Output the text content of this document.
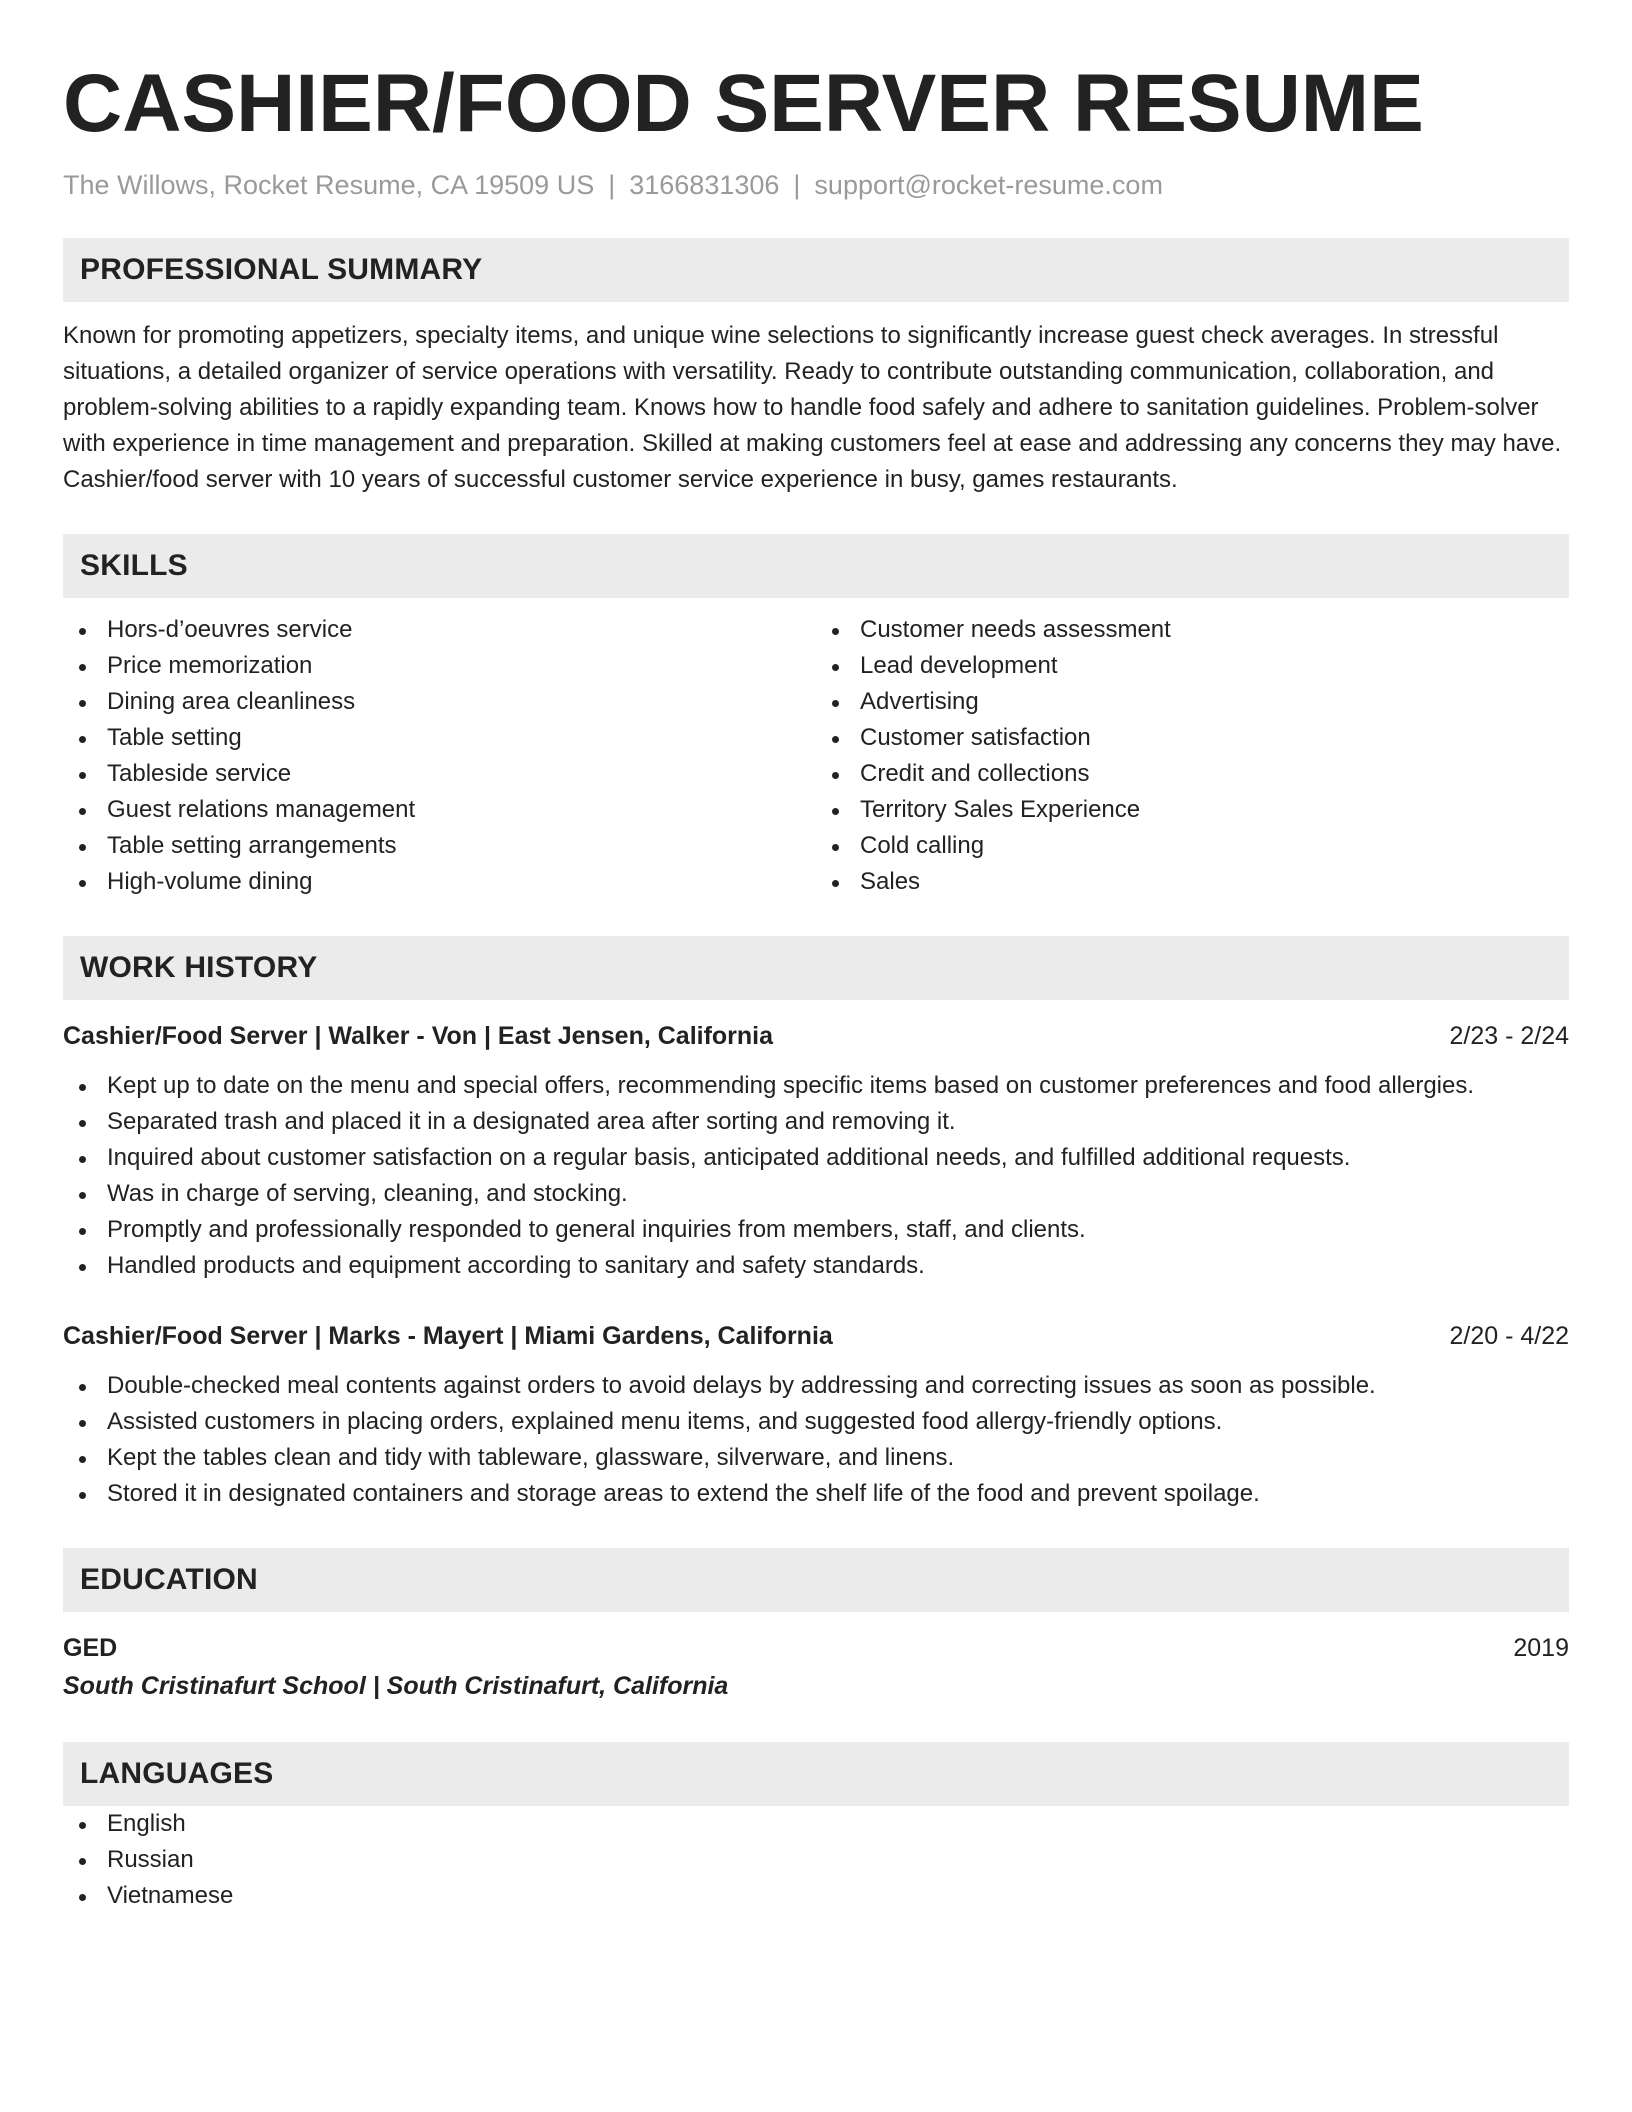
CASHIER/FOOD SERVER RESUME
The Willows, Rocket Resume, CA 19509 US | 3166831306 | support@rocket-resume.com
PROFESSIONAL SUMMARY

Known for promoting appetizers, specialty items, and unique wine selections to significantly increase guest check averages. In stressful situations, a detailed organizer of service operations with versatility. Ready to contribute outstanding communication, collaboration, and problem-solving abilities to a rapidly expanding team. Knows how to handle food safely and adhere to sanitation guidelines. Problem-solver with experience in time management and preparation. Skilled at making customers feel at ease and addressing any concerns they may have. Cashier/food server with 10 years of successful customer service experience in busy, games restaurants.

SKILLS
Hors-d’oeuvres service
Price memorization
Dining area cleanliness
Table setting
Tableside service
Guest relations management
Table setting arrangements
High-volume dining
Customer needs assessment
Lead development
Advertising
Customer satisfaction
Credit and collections
Territory Sales Experience
Cold calling
Sales
WORK HISTORY
Cashier/Food Server | Walker - Von | East Jensen, California	2/23 - 2/24
Kept up to date on the menu and special offers, recommending specific items based on customer preferences and food allergies.
Separated trash and placed it in a designated area after sorting and removing it.
Inquired about customer satisfaction on a regular basis, anticipated additional needs, and fulfilled additional requests.
Was in charge of serving, cleaning, and stocking.
Promptly and professionally responded to general inquiries from members, staff, and clients.
Handled products and equipment according to sanitary and safety standards.
Cashier/Food Server | Marks - Mayert | Miami Gardens, California	2/20 - 4/22
Double-checked meal contents against orders to avoid delays by addressing and correcting issues as soon as possible.
Assisted customers in placing orders, explained menu items, and suggested food allergy-friendly options.
Kept the tables clean and tidy with tableware, glassware, silverware, and linens.
Stored it in designated containers and storage areas to extend the shelf life of the food and prevent spoilage.
EDUCATION
GED	2019
South Cristinafurt School | South Cristinafurt, California
LANGUAGES
English
Russian
Vietnamese
